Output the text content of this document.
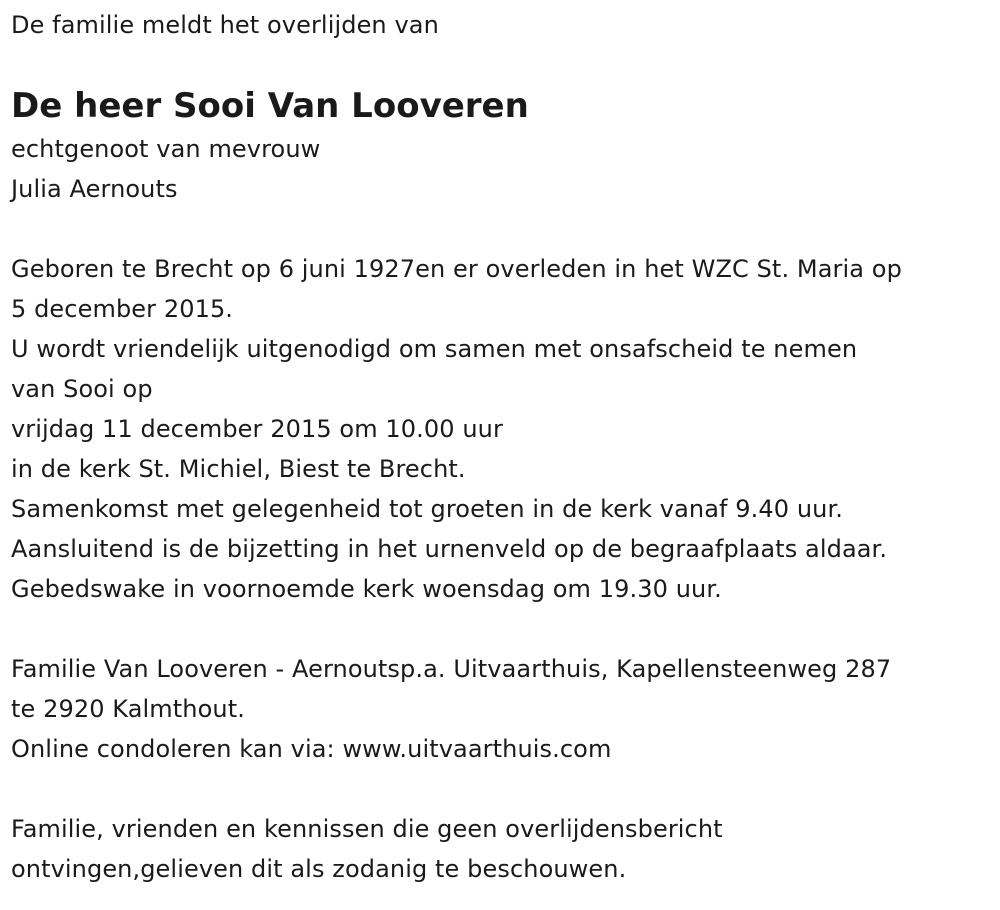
De familie meldt het overlijden van
De heer Sooi Van Looveren
echtgenoot van mevrouw
Julia Aernouts
Geboren te Brecht op 6 juni 1927en er overleden in het WZC St. Maria op
5 december 2015.
U wordt vriendelijk uitgenodigd om samen met onsafscheid te nemen
van Sooi op
vrijdag 11 december 2015 om 10.00 uur
in de kerk St. Michiel, Biest te Brecht.
Samenkomst met gelegenheid tot groeten in de kerk vanaf 9.40 uur.
Aansluitend is de bijzetting in het urnenveld op de begraafplaats aldaar.
Gebedswake in voornoemde kerk woensdag om 19.30 uur.
Familie Van Looveren - Aernoutsp.a. Uitvaarthuis, Kapellensteenweg 287
te 2920 Kalmthout.
Online condoleren kan via: www.uitvaarthuis.com
Familie, vrienden en kennissen die geen overlijdensbericht
ontvingen,gelieven dit als zodanig te beschouwen.
